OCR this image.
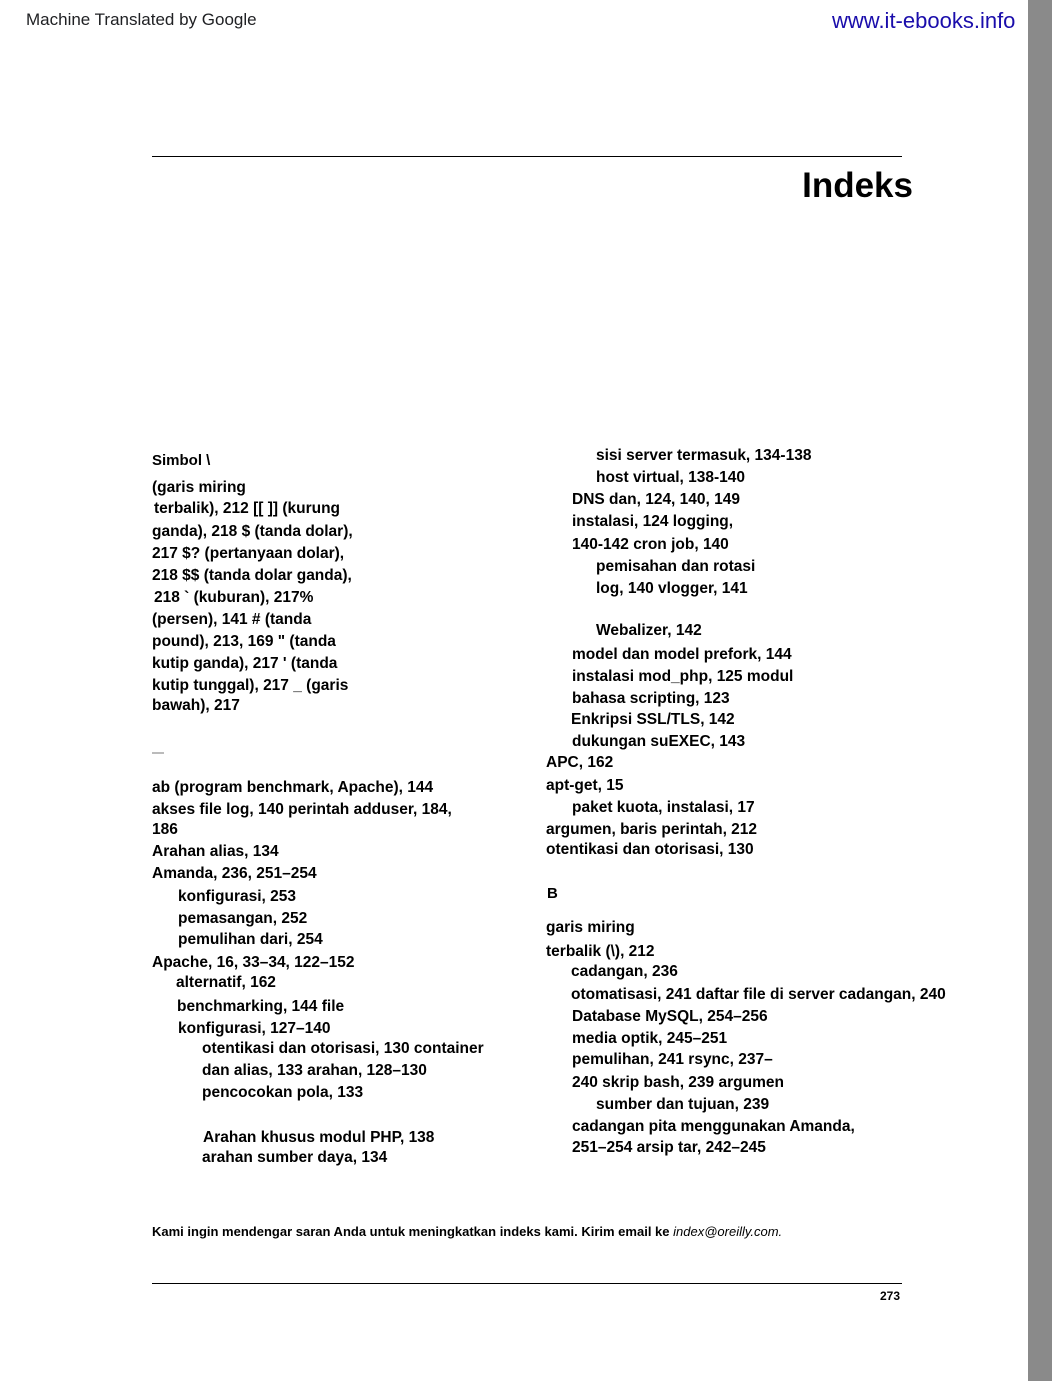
Machine Translated by Google	www.it-ebooks.info
Indeks
Simbol \
(garis miring
terbalik), 212 [[ ]] (kurung
ganda), 218 $ (tanda dolar),
217 $? (pertanyaan dolar),
218 $$ (tanda dolar ganda),
218 ` (kuburan), 217%
(persen), 141 # (tanda
pound), 213, 169 " (tanda
kutip ganda), 217 ' (tanda
kutip tunggal), 217 _ (garis
bawah), 217
ab (program benchmark, Apache), 144
akses file log, 140 perintah adduser, 184,
186
Arahan alias, 134
Amanda, 236, 251–254
konfigurasi, 253
pemasangan, 252
pemulihan dari, 254
Apache, 16, 33–34, 122–152
alternatif, 162
benchmarking, 144 file
konfigurasi, 127–140
otentikasi dan otorisasi, 130 container
dan alias, 133 arahan, 128–130
pencocokan pola, 133
Arahan khusus modul PHP, 138
arahan sumber daya, 134
sisi server termasuk, 134-138
host virtual, 138-140
DNS dan, 124, 140, 149
instalasi, 124 logging,
140-142 cron job, 140
pemisahan dan rotasi
log, 140 vlogger, 141
Webalizer, 142
model dan model prefork, 144
instalasi mod_php, 125 modul
bahasa scripting, 123
Enkripsi SSL/TLS, 142
dukungan suEXEC, 143
APC, 162
apt-get, 15
paket kuota, instalasi, 17
argumen, baris perintah, 212
otentikasi dan otorisasi, 130
B
garis miring
terbalik (\), 212
cadangan, 236
otomatisasi, 241 daftar file di server cadangan, 240
Database MySQL, 254–256
media optik, 245–251
pemulihan, 241 rsync, 237–
240 skrip bash, 239 argumen
sumber dan tujuan, 239
cadangan pita menggunakan Amanda,
251–254 arsip tar, 242–245
Kami ingin mendengar saran Anda untuk meningkatkan indeks kami. Kirim email ke index@oreilly.com.
273
